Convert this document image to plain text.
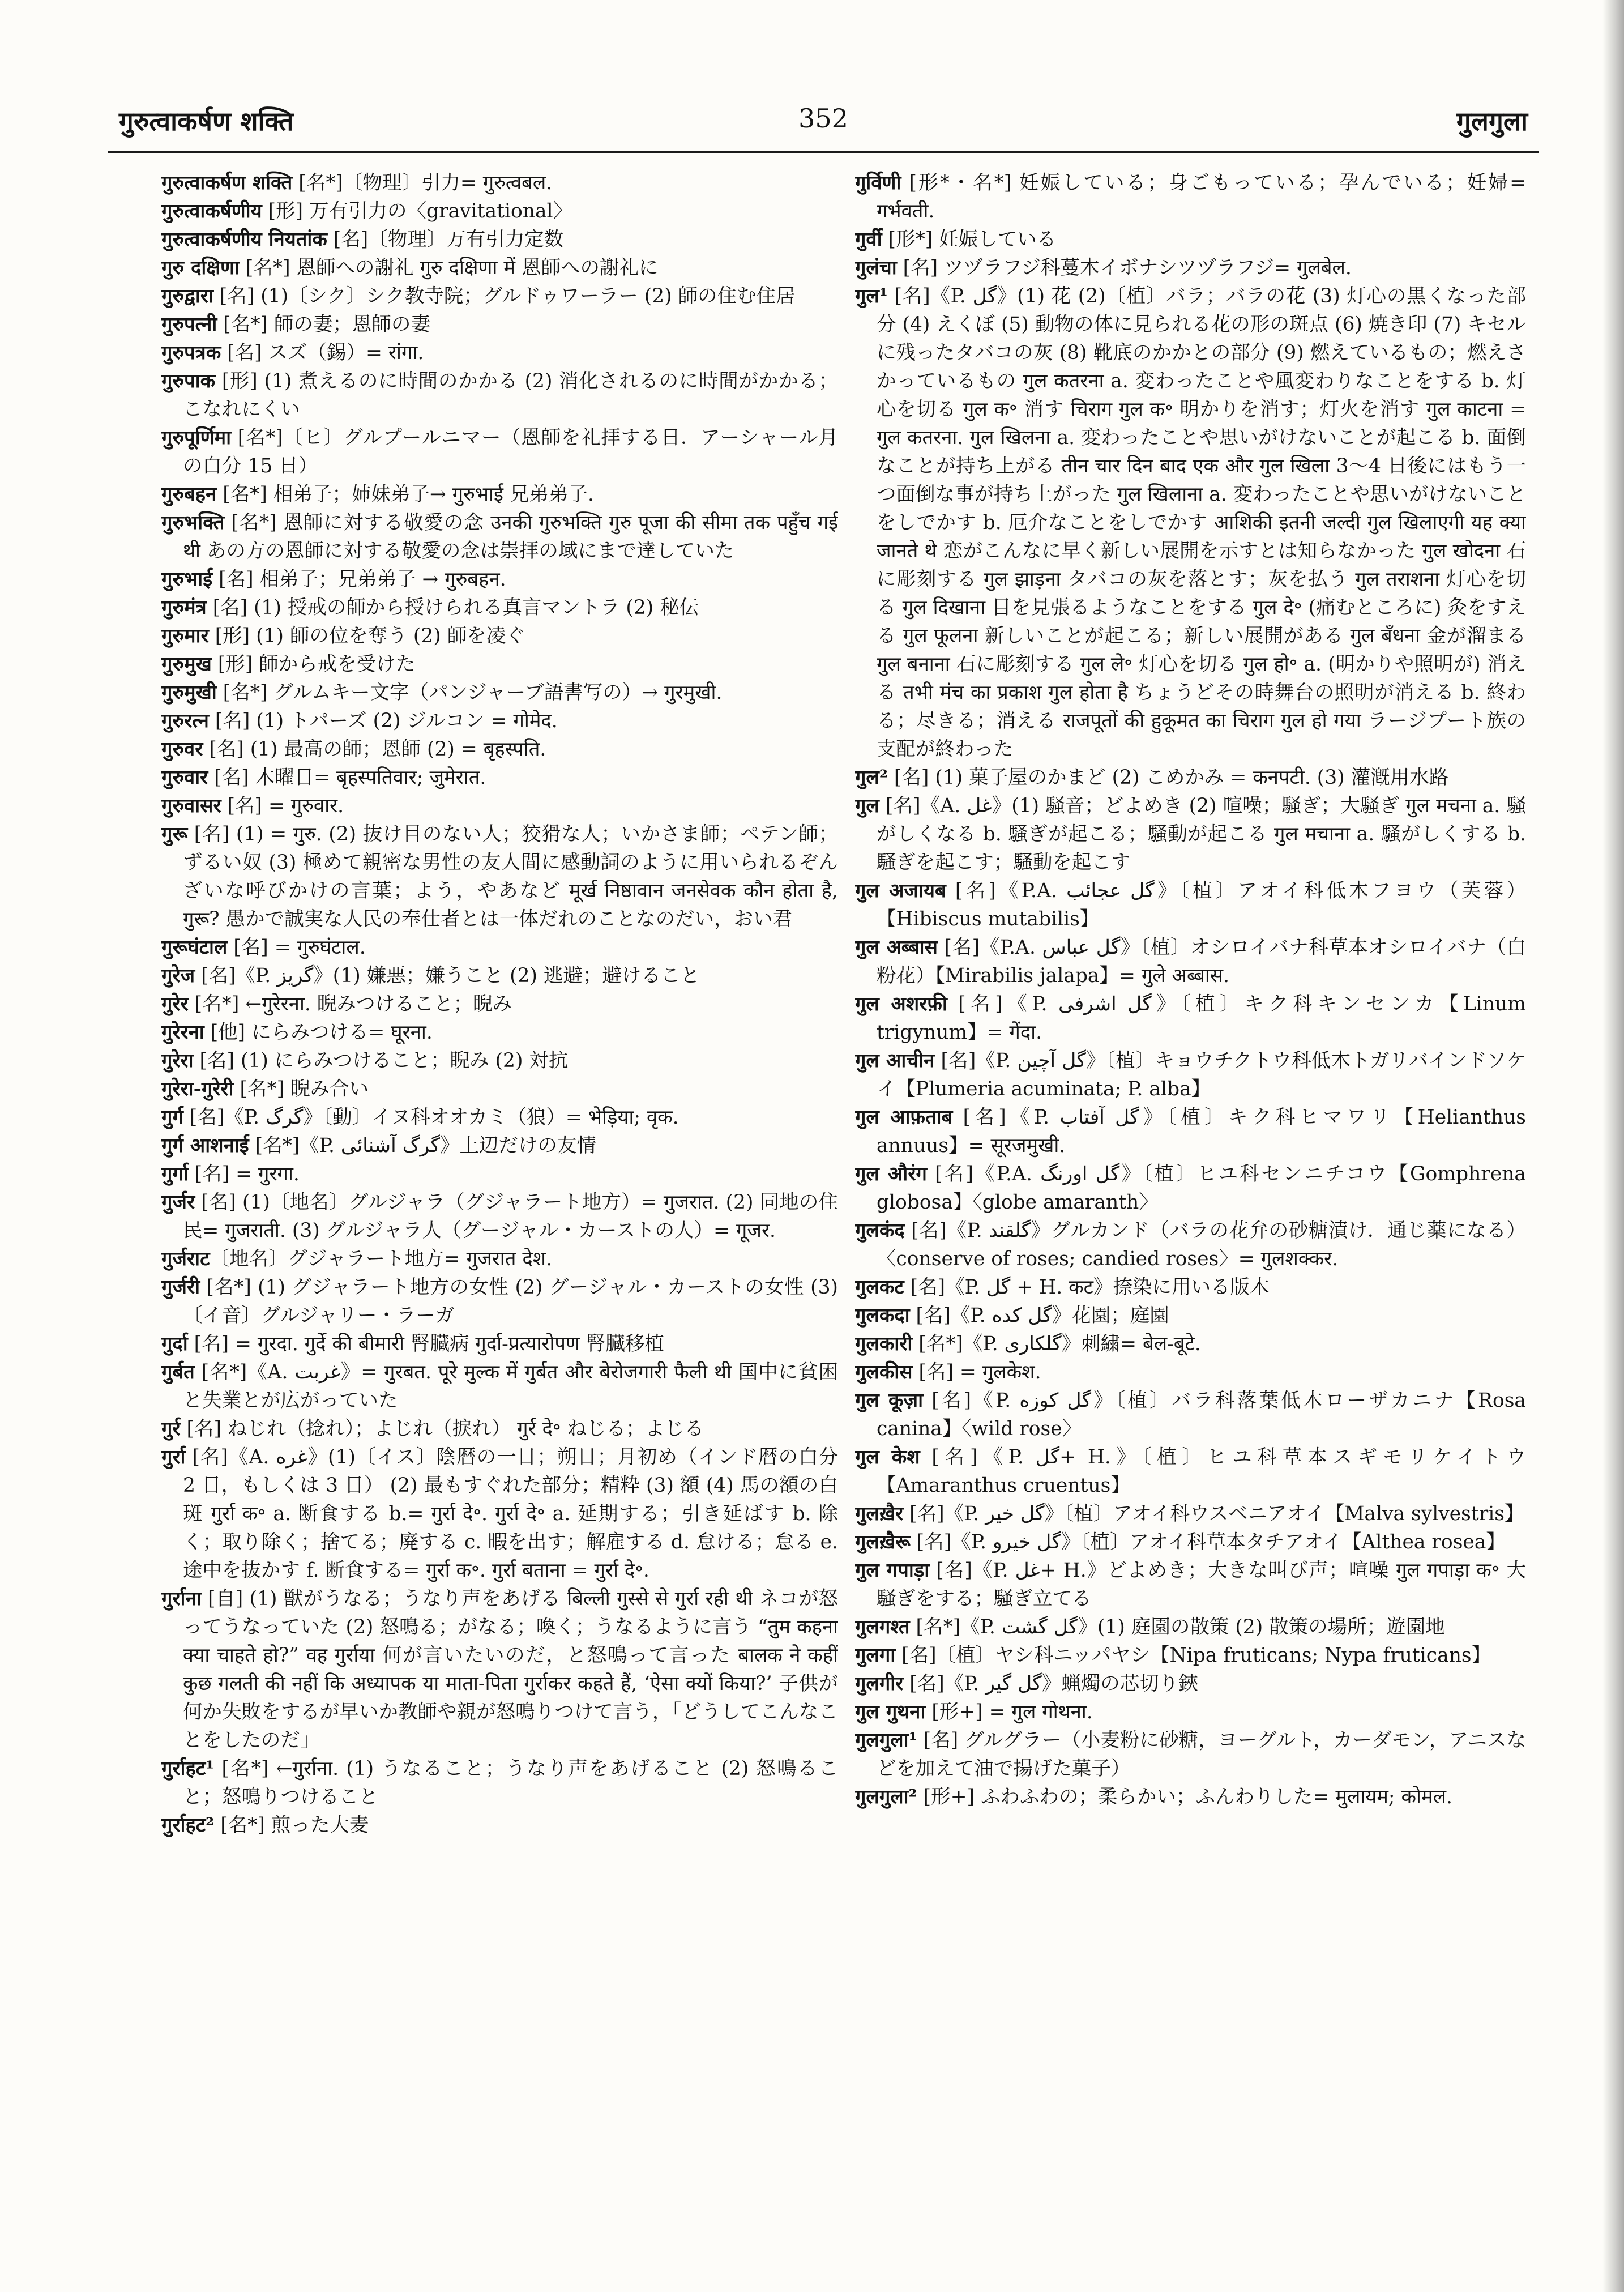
गुरुत्वाकर्षण शक्ति	352	गुलगुला

गुरुत्वाकर्षण शक्ति [名*]〔物理〕引力= गुरुत्वबल.

गुरुत्वाकर्षणीय [形] 万有引力の〈gravitational〉

गुरुत्वाकर्षणीय नियतांक [名]〔物理〕万有引力定数

गुरु दक्षिणा [名*] 恩師への謝礼 गुरु दक्षिणा में 恩師への謝礼に

गुरुद्वारा [名] (1)〔シク〕シク教寺院；グルドゥワーラー (2) 師の住む住居

गुरुपत्नी [名*] 師の妻；恩師の妻

गुरुपत्रक [名] スズ（錫）= रांगा.

गुरुपाक [形] (1) 煮えるのに時間のかかる (2) 消化されるのに時間がかかる；こなれにくい

गुरुपूर्णिमा [名*]〔ヒ〕グルプールニマー（恩師を礼拝する日．アーシャール月の白分 15 日）

गुरुबहन [名*] 相弟子；姉妹弟子→ गुरुभाई 兄弟弟子.

गुरुभक्ति [名*] 恩師に対する敬愛の念 उनकी गुरुभक्ति गुरु पूजा की सीमा तक पहुँच गई थी あの方の恩師に対する敬愛の念は崇拝の域にまで達していた

गुरुभाई [名] 相弟子；兄弟弟子 → गुरुबहन.

गुरुमंत्र [名] (1) 授戒の師から授けられる真言マントラ (2) 秘伝

गुरुमार [形] (1) 師の位を奪う (2) 師を凌ぐ

गुरुमुख [形] 師から戒を受けた

गुरुमुखी [名*] グルムキー文字（パンジャーブ語書写の）→ गुरमुखी.

गुरुरत्न [名] (1) トパーズ (2) ジルコン = गोमेद.

गुरुवर [名] (1) 最高の師；恩師 (2) = बृहस्पति.

गुरुवार [名] 木曜日= बृहस्पतिवार; जुमेरात.

गुरुवासर [名] = गुरुवार.

गुरू [名] (1) = गुरु. (2) 抜け目のない人；狡猾な人；いかさま師；ペテン師；ずるい奴 (3) 極めて親密な男性の友人間に感動詞のように用いられるぞんざいな呼びかけの言葉；よう，やあなど मूर्ख निष्ठावान जनसेवक कौन होता है, गुरू? 愚かで誠実な人民の奉仕者とは一体だれのことなのだい，おい君

गुरूघंटाल [名] = गुरुघंटाल.

गुरेज [名]《P. گریز》(1) 嫌悪；嫌うこと (2) 逃避；避けること

गुरेर [名*] ←गुरेरना. 睨みつけること；睨み

गुरेरना [他] にらみつける= घूरना.

गुरेरा [名] (1) にらみつけること；睨み (2) 対抗

गुरेरा-गुरेरी [名*] 睨み合い

गुर्ग [名]《P. گرگ》〔動〕イヌ科オオカミ（狼）= भेड़िया; वृक.

गुर्ग आशनाई [名*]《P. گرگ آشنائی》上辺だけの友情

गुर्गा [名] = गुरगा.

गुर्जर [名] (1)〔地名〕グルジャラ（グジャラート地方）= गुजरात. (2) 同地の住民= गुजराती. (3) グルジャラ人（グージャル・カーストの人）= गूजर.

गुर्जराट〔地名〕グジャラート地方= गुजरात देश.

गुर्जरी [名*] (1) グジャラート地方の女性 (2) グージャル・カーストの女性 (3)〔イ音〕グルジャリー・ラーガ

गुर्दा [名] = गुरदा. गुर्दे की बीमारी 腎臓病 गुर्दा-प्रत्यारोपण 腎臓移植

गुर्बत [名*]《A. غربت》= गुरबत. पूरे मुल्क में गुर्बत और बेरोजगारी फैली थी 国中に貧困と失業とが広がっていた

गुर्र [名] ねじれ（捻れ）；よじれ（捩れ） गुर्र दे॰ ねじる；よじる

गुर्रा [名]《A. غره》(1)〔イス〕陰暦の一日；朔日；月初め（インド暦の白分 2 日，もしくは 3 日） (2) 最もすぐれた部分；精粋 (3) 額 (4) 馬の額の白斑 गुर्रा क॰ a. 断食する b.= गुर्रा दे॰. गुर्रा दे॰ a. 延期する；引き延ばす b. 除く；取り除く；捨てる；廃する c. 暇を出す；解雇する d. 怠ける；怠る e. 途中を抜かす f. 断食する= गुर्रा क॰. गुर्रा बताना = गुर्रा दे॰.

गुर्राना [自] (1) 獣がうなる；うなり声をあげる बिल्ली गुस्से से गुर्रा रही थी ネコが怒ってうなっていた (2) 怒鳴る；がなる；喚く；うなるように言う “तुम कहना क्या चाहते हो?” वह गुर्राया 何が言いたいのだ，と怒鳴って言った बालक ने कहीं कुछ गलती की नहीं कि अध्यापक या माता-पिता गुर्राकर कहते हैं, ‘ऐसा क्यों किया?’ 子供が何か失敗をするが早いか教師や親が怒鳴りつけて言う，「どうしてこんなことをしたのだ」

गुर्राहट¹ [名*] ←गुर्राना. (1) うなること；うなり声をあげること (2) 怒鳴ること；怒鳴りつけること

गुर्राहट² [名*] 煎った大麦

गुर्विणी [形*・名*] 妊娠している；身ごもっている；孕んでいる；妊婦= गर्भवती.

गुर्वी [形*] 妊娠している

गुलंचा [名] ツヅラフジ科蔓木イボナシツヅラフジ= गुलबेल.

गुल¹ [名]《P. گل》(1) 花 (2)〔植〕バラ；バラの花 (3) 灯心の黒くなった部分 (4) えくぼ (5) 動物の体に見られる花の形の斑点 (6) 焼き印 (7) キセルに残ったタバコの灰 (8) 靴底のかかとの部分 (9) 燃えているもの；燃えさかっているもの गुल कतरना a. 変わったことや風変わりなことをする b. 灯心を切る गुल क॰ 消す चिराग गुल क॰ 明かりを消す；灯火を消す गुल काटना = गुल कतरना. गुल खिलना a. 変わったことや思いがけないことが起こる b. 面倒なことが持ち上がる तीन चार दिन बाद एक और गुल खिला 3〜4 日後にはもう一つ面倒な事が持ち上がった गुल खिलाना a. 変わったことや思いがけないことをしでかす b. 厄介なことをしでかす आशिकी इतनी जल्दी गुल खिलाएगी यह क्या जानते थे 恋がこんなに早く新しい展開を示すとは知らなかった गुल खोदना 石に彫刻する गुल झाड़ना タバコの灰を落とす；灰を払う गुल तराशना 灯心を切る गुल दिखाना 目を見張るようなことをする गुल दे॰ (痛むところに) 灸をすえる गुल फूलना 新しいことが起こる；新しい展開がある गुल बँधना 金が溜まる गुल बनाना 石に彫刻する गुल ले॰ 灯心を切る गुल हो॰ a. (明かりや照明が) 消える तभी मंच का प्रकाश गुल होता है ちょうどその時舞台の照明が消える b. 終わる；尽きる；消える राजपूतों की हुकूमत का चिराग गुल हो गया ラージプート族の支配が終わった

गुल² [名] (1) 菓子屋のかまど (2) こめかみ = कनपटी. (3) 灌漑用水路

गुल [名]《A. غل》(1) 騒音；どよめき (2) 喧噪；騒ぎ；大騒ぎ गुल मचना a. 騒がしくなる b. 騒ぎが起こる；騒動が起こる गुल मचाना a. 騒がしくする b. 騒ぎを起こす；騒動を起こす

गुल अजायब [名]《P.A. گل عجائب》〔植〕アオイ科低木フヨウ（芙蓉）【Hibiscus mutabilis】

गुल अब्बास [名]《P.A. گل عباس》〔植〕オシロイバナ科草本オシロイバナ（白粉花）【Mirabilis jalapa】= गुले अब्बास.

गुल अशरफ़ी [名]《P. گل اشرفی》〔植〕キク科キンセンカ【Linum trigynum】= गेंदा.

गुल आचीन [名]《P. گل آچین》〔植〕キョウチクトウ科低木トガリバインドソケイ【Plumeria acuminata; P. alba】

गुल आफ़ताब [名]《P. گل آفتاب》〔植〕キク科ヒマワリ【Helianthus annuus】= सूरजमुखी.

गुल औरंग [名]《P.A. گل اورنگ》〔植〕ヒユ科センニチコウ【Gomphrena globosa】〈globe amaranth〉

गुलकंद [名]《P. گلقند》グルカンド（バラの花弁の砂糖漬け．通じ薬になる）〈conserve of roses; candied roses〉= गुलशक्कर.

गुलकट [名]《P. گل + H. कट》捺染に用いる版木

गुलकदा [名]《P. گل کده》花園；庭園

गुलकारी [名*]《P. گلکاری》刺繍= बेल-बूटे.

गुलकीस [名] = गुलकेश.

गुल कूज़ा [名]《P. گل کوزه》〔植〕バラ科落葉低木ローザカニナ【Rosa canina】〈wild rose〉

गुल केश [名]《P. گل+ H.》〔植〕ヒユ科草本スギモリケイトウ【Amaranthus cruentus】

गुलख़ैर [名]《P. گل خیر》〔植〕アオイ科ウスベニアオイ【Malva sylvestris】

गुलख़ैरू [名]《P. گل خیرو》〔植〕アオイ科草本タチアオイ【Althea rosea】

गुल गपाड़ा [名]《P. غل+ H.》どよめき；大きな叫び声；喧噪 गुल गपाड़ा क॰ 大騒ぎをする；騒ぎ立てる

गुलगश्त [名*]《P. گل گشت》(1) 庭園の散策 (2) 散策の場所；遊園地

गुलगा [名]〔植〕ヤシ科ニッパヤシ【Nipa fruticans; Nypa fruticans】

गुलगीर [名]《P. گل گیر》蝋燭の芯切り鋏

गुल गुथना [形+] = गुल गोथना.

गुलगुला¹ [名] グルグラー（小麦粉に砂糖，ヨーグルト，カーダモン，アニスなどを加えて油で揚げた菓子）

गुलगुला² [形+] ふわふわの；柔らかい；ふんわりした= मुलायम; कोमल.
